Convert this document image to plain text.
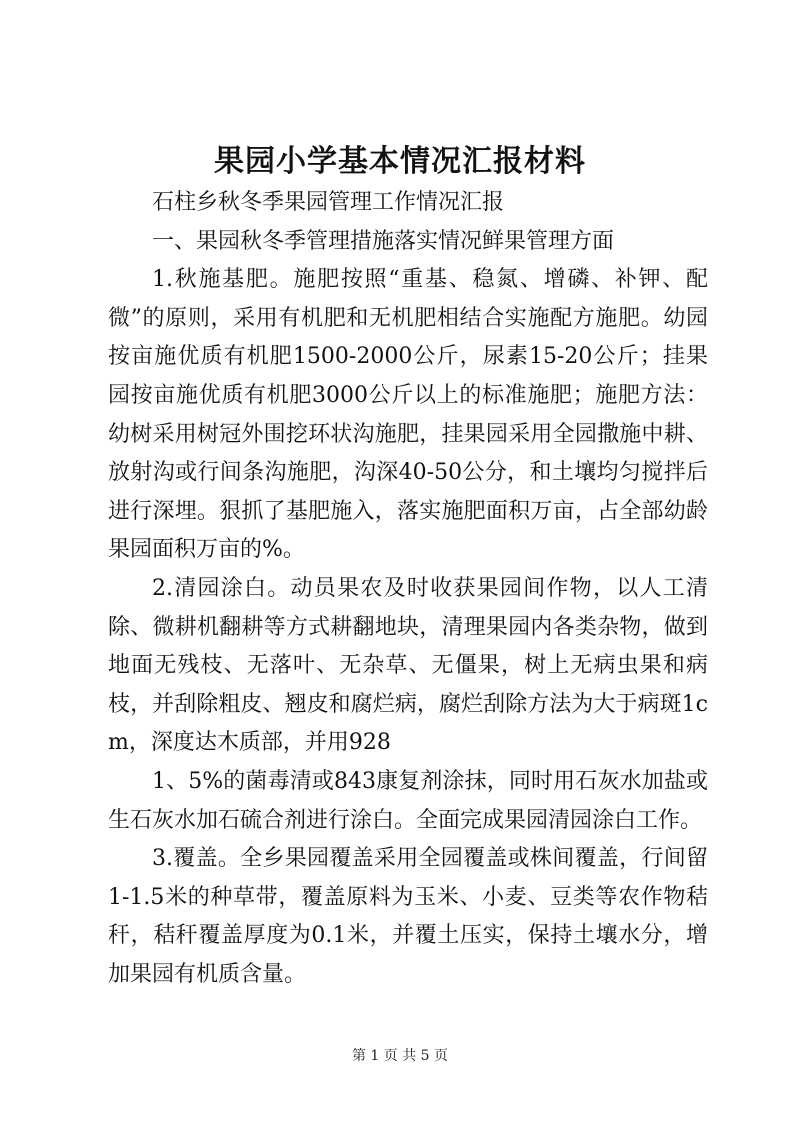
果园小学基本情况汇报材料

石柱乡秋冬季果园管理工作情况汇报

一、果园秋冬季管理措施落实情况鲜果管理方面

1.秋施基肥。施肥按照“重基、稳氮、增磷、补钾、配微”的原则，采用有机肥和无机肥相结合实施配方施肥。幼园按亩施优质有机肥1500-2000公斤，尿素15-20公斤；挂果园按亩施优质有机肥3000公斤以上的标准施肥；施肥方法：幼树采用树冠外围挖环状沟施肥，挂果园采用全园撒施中耕、放射沟或行间条沟施肥，沟深40-50公分，和土壤均匀搅拌后进行深埋。狠抓了基肥施入，落实施肥面积万亩，占全部幼龄果园面积万亩的%。

2.清园涂白。动员果农及时收获果园间作物，以人工清除、微耕机翻耕等方式耕翻地块，清理果园内各类杂物，做到地面无残枝、无落叶、无杂草、无僵果，树上无病虫果和病枝，并刮除粗皮、翘皮和腐烂病，腐烂刮除方法为大于病斑1cm，深度达木质部，并用928

1、5%的菌毒清或843康复剂涂抹，同时用石灰水加盐或生石灰水加石硫合剂进行涂白。全面完成果园清园涂白工作。

3.覆盖。全乡果园覆盖采用全园覆盖或株间覆盖，行间留1-1.5米的种草带，覆盖原料为玉米、小麦、豆类等农作物秸秆，秸秆覆盖厚度为0.1米，并覆土压实，保持土壤水分，增加果园有机质含量。

第 1 页 共 5 页
